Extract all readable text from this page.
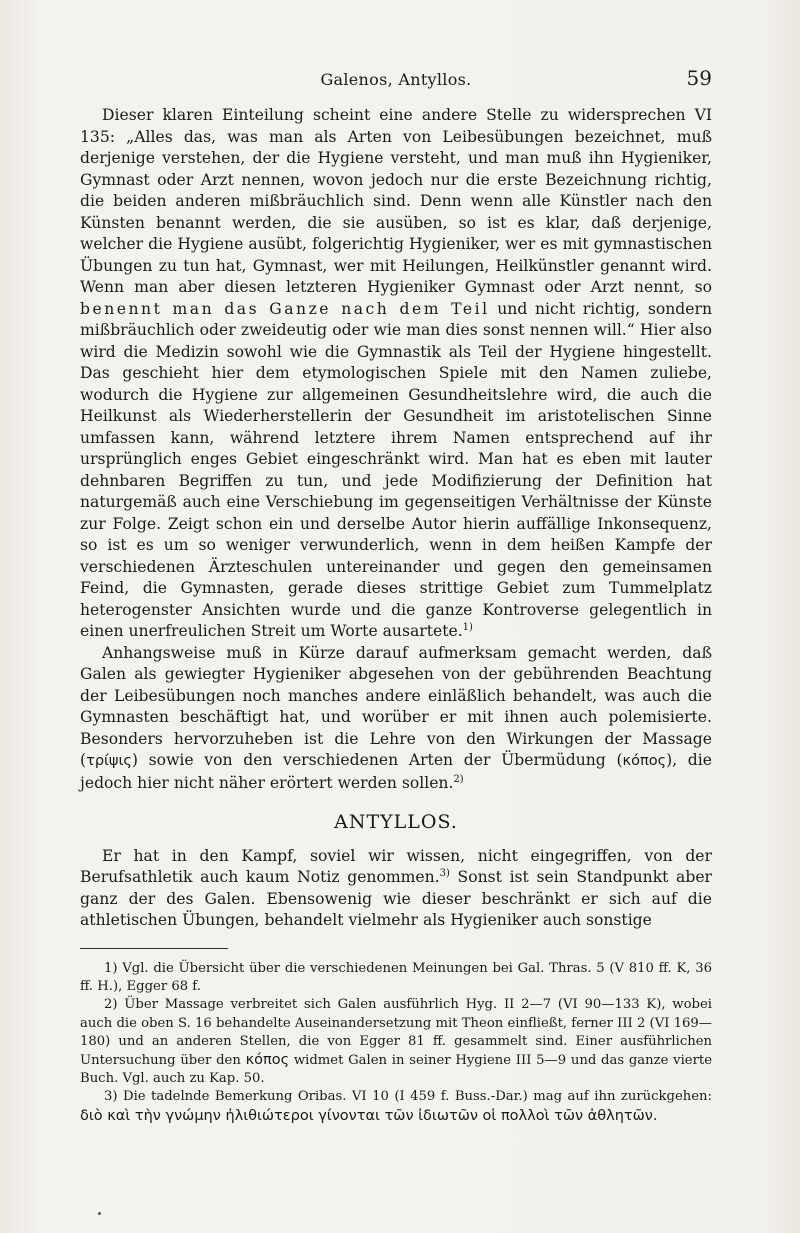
Galenos, Antyllos.	59

Dieser klaren Einteilung scheint eine andere Stelle zu widersprechen VI 135: „Alles das, was man als Arten von Leibesübungen bezeichnet, muß derjenige verstehen, der die Hygiene versteht, und man muß ihn Hygieniker, Gymnast oder Arzt nennen, wovon jedoch nur die erste Bezeichnung richtig, die beiden anderen mißbräuchlich sind. Denn wenn alle Künstler nach den Künsten benannt werden, die sie ausüben, so ist es klar, daß derjenige, welcher die Hygiene ausübt, folgerichtig Hygieniker, wer es mit gymnastischen Übungen zu tun hat, Gymnast, wer mit Heilungen, Heilkünstler genannt wird. Wenn man aber diesen letzteren Hygieniker Gymnast oder Arzt nennt, so benennt man das Ganze nach dem Teil und nicht richtig, sondern mißbräuchlich oder zweideutig oder wie man dies sonst nennen will.“ Hier also wird die Medizin sowohl wie die Gymnastik als Teil der Hygiene hingestellt. Das geschieht hier dem etymologischen Spiele mit den Namen zuliebe, wodurch die Hygiene zur allgemeinen Gesundheitslehre wird, die auch die Heilkunst als Wiederherstellerin der Gesundheit im aristotelischen Sinne umfassen kann, während letztere ihrem Namen entsprechend auf ihr ursprünglich enges Gebiet eingeschränkt wird. Man hat es eben mit lauter dehnbaren Begriffen zu tun, und jede Modifizierung der Definition hat naturgemäß auch eine Verschiebung im gegenseitigen Verhältnisse der Künste zur Folge. Zeigt schon ein und derselbe Autor hierin auffällige Inkonsequenz, so ist es um so weniger verwunderlich, wenn in dem heißen Kampfe der verschiedenen Ärzteschulen untereinander und gegen den gemeinsamen Feind, die Gymnasten, gerade dieses strittige Gebiet zum Tummelplatz heterogenster Ansichten wurde und die ganze Kontroverse gelegentlich in einen unerfreulichen Streit um Worte ausartete.$^{1)}$

Anhangsweise muß in Kürze darauf aufmerksam gemacht werden, daß Galen als gewiegter Hygieniker abgesehen von der gebührenden Beachtung der Leibesübungen noch manches andere einläßlich behandelt, was auch die Gymnasten beschäftigt hat, und worüber er mit ihnen auch polemisierte. Besonders hervorzuheben ist die Lehre von den Wirkungen der Massage (τρίψις) sowie von den verschiedenen Arten der Übermüdung (κόπος), die jedoch hier nicht näher erörtert werden sollen.$^{2)}$

ANTYLLOS.

Er hat in den Kampf, soviel wir wissen, nicht eingegriffen, von der Berufsathletik auch kaum Notiz genommen.$^{3)}$ Sonst ist sein Standpunkt aber ganz der des Galen. Ebensowenig wie dieser beschränkt er sich auf die athletischen Übungen, behandelt vielmehr als Hygieniker auch sonstige

1) Vgl. die Übersicht über die verschiedenen Meinungen bei Gal. Thras. 5 (V 810 ff. K, 36 ff. H.), Egger 68 f.

2) Über Massage verbreitet sich Galen ausführlich Hyg. II 2—7 (VI 90—133 K), wobei auch die oben S. 16 behandelte Auseinandersetzung mit Theon einfließt, ferner III 2 (VI 169—180) und an anderen Stellen, die von Egger 81 ff. gesammelt sind. Einer ausführlichen Untersuchung über den κόπος widmet Galen in seiner Hygiene III 5—9 und das ganze vierte Buch. Vgl. auch zu Kap. 50.

3) Die tadelnde Bemerkung Oribas. VI 10 (I 459 f. Buss.-Dar.) mag auf ihn zurückgehen: διὸ καὶ τὴν γνώμην ἠλιθιώτεροι γίνονται τῶν ἰδιωτῶν οἱ πολλοὶ τῶν ἀθλητῶν.
